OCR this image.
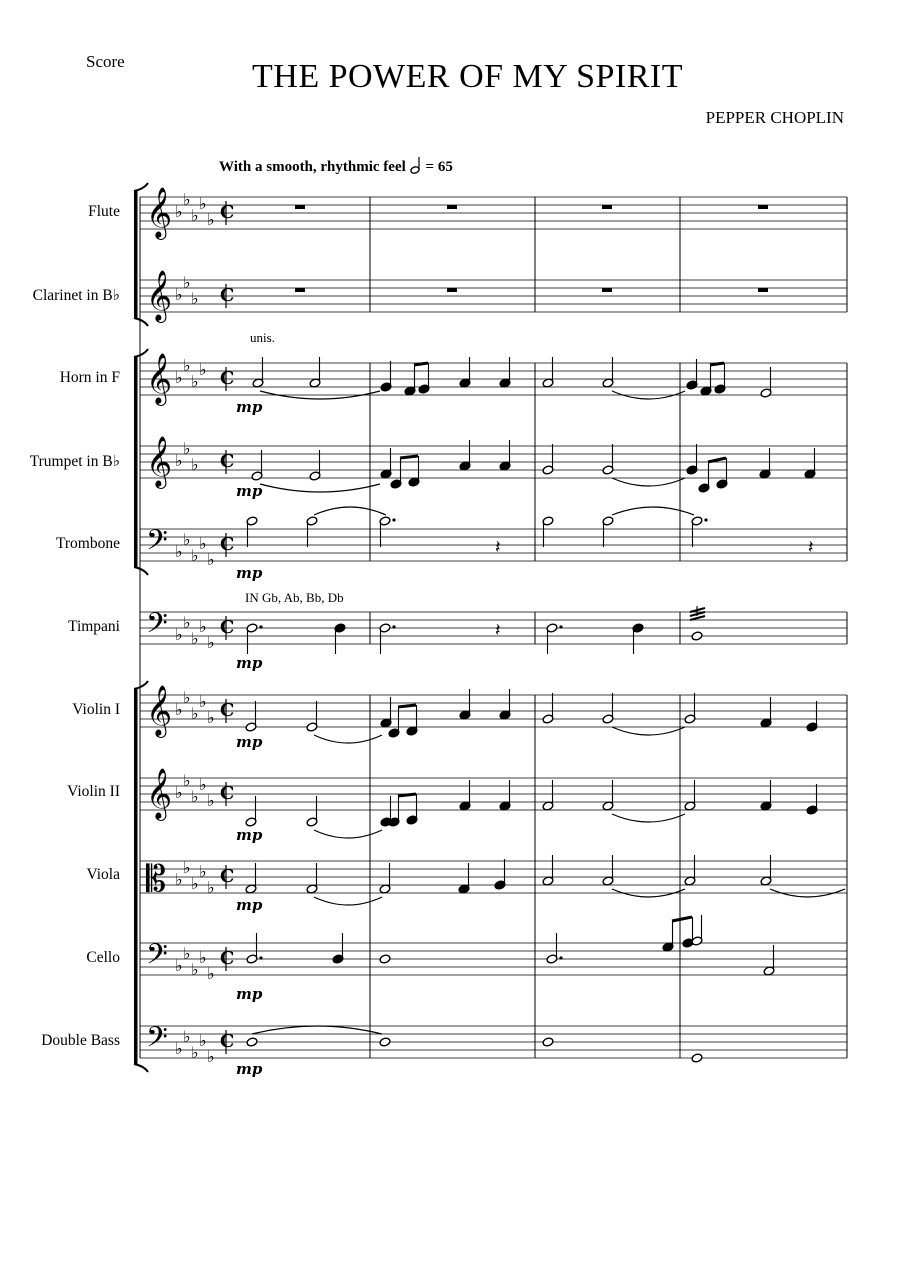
Score	THE POWER OF MY SPIRIT
PEPPER CHOPLIN
With a smooth, rhythmic feel = 65
Flute
Clarinet in B♭
Horn in F
Trumpet in B♭
Trombone
Timpani
Violin I
Violin II
Viola
Cello
Double Bass
unis.
IN Gb, Ab, Bb, Db
mp
mp
mp
mp
mp
mp
mp
mp
mp
𝄞 ♭
♭
♭
♭
♭ C
𝄞 ♭
♭
♭ C
𝄞 ♭
♭
♭
♭ C
𝄞 ♭
♭
♭ C
𝄢 ♭
♭
♭
♭
♭
C
𝄢 ♭
♭
♭
♭
♭
C
𝄞 ♭
♭
♭
♭
♭ C
𝄞 ♭
♭
♭
♭
♭ C
𝄡 ♭
♭
♭
♭
♭
C
𝄢 ♭
♭
♭
♭
♭
C
𝄢 ♭
♭
♭
♭
♭
C
𝄽
𝄽
𝄽
